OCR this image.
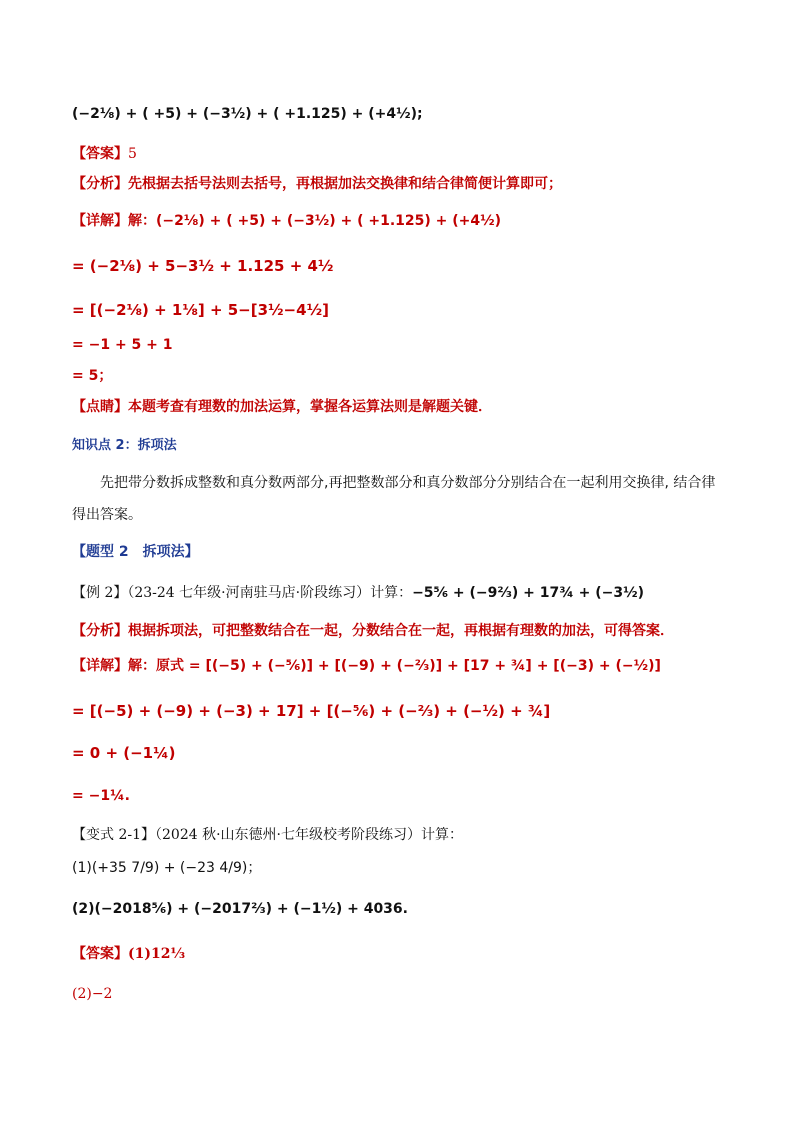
(−2⅛) + ( +5) + (−3½) + ( +1.125) + (+4½);
【答案】5
【分析】先根据去括号法则去括号，再根据加法交换律和结合律简便计算即可；
【详解】解：(−2⅛) + ( +5) + (−3½) + ( +1.125) + (+4½)
= (−2⅛) + 5−3½ + 1.125 + 4½
= [(−2⅛) + 1⅛] + 5−[3½−4½]
= −1 + 5 + 1
= 5；
【点睛】本题考查有理数的加法运算，掌握各运算法则是解题关键．
知识点 2：拆项法
先把带分数拆成整数和真分数两部分,再把整数部分和真分数部分分别结合在一起利用交换律, 结合律得出答案。
【题型 2　拆项法】
【例 2】（23-24 七年级·河南驻马店·阶段练习）计算：−5⅚ + (−9⅔) + 17¾ + (−3½)
【分析】根据拆项法，可把整数结合在一起，分数结合在一起，再根据有理数的加法，可得答案．
【详解】解：原式 = [(−5) + (−⅚)] + [(−9) + (−⅔)] + [17 + ¾] + [(−3) + (−½)]
= [(−5) + (−9) + (−3) + 17] + [(−⅚) + (−⅔) + (−½) + ¾]
= 0 + (−1¼)
= −1¼.
【变式 2-1】（2024 秋·山东德州·七年级校考阶段练习）计算：
(1)(+35 7/9) + (−23 4/9)；
(2)(−2018⅚) + (−2017⅔) + (−1½) + 4036.
【答案】(1)12⅓
(2)−2
